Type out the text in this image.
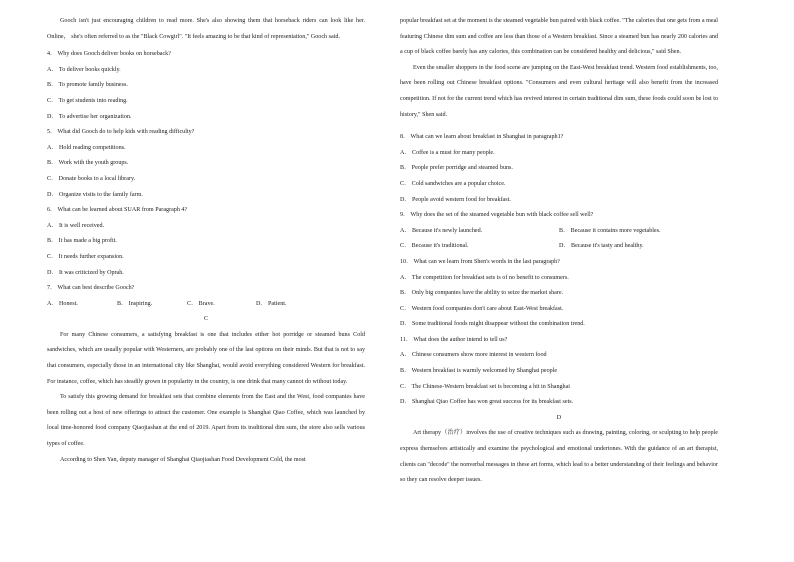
Gooch isn't just encouraging children to read more. She's also showing them that horseback riders can look like her. Online， she's often referred to as the "Black Cowgirl". "It feels amazing to be that kind of representation," Gooch said.
4． Why does Gooch deliver books on horseback?
A． To deliver books quickly.
B． To promote family business.
C． To get students into reading.
D． To advertise her organization.
5． What did Gooch do to help kids with reading difficulty?
A． Hold reading competitions.
B． Work with the youth groups.
C． Donate books to a local library.
D． Organize visits to the family farm.
6． What can be learned about SUAR from Paragraph 4?
A． It is well received.
B． It has made a big profit.
C． It needs further expansion.
D． It was criticized by Oprah.
7． What can best describe Gooch?
A． Honest.	B． Inspiring.	C． Brave.	D． Patient.
C
For many Chinese consumers, a satisfying breakfast is one that includes either hot porridge or steamed buns Cold sandwiches, which are usually popular with Westerners, are probably one of the last options on their minds. But that is not to say that consumers, especially those in an international city like Shanghai, would avoid everything considered Western for breakfast. For instance, coffee, which has steadily grown in popularity in the country, is one drink that many cannot do without today.
To satisfy this growing demand for breakfast sets that combine elements from the East and the West, food companies have been rolling out a host of new offerings to attract the customer. One example is Shanghai Qiao Coffee, which was launched by local time-honored food company Qiaojiashan at the end of 2019. Apart from its traditional dim sum, the store also sells various types of coffee.
According to Shen Yan, deputy manager of Shanghai Qiaojiashan Food Development Cold, the most
popular breakfast set at the moment is the steamed vegetable bun paired with black coffee. "The calories that one gets from a meal featuring Chinese dim sum and coffee are less than those of a Western breakfast. Since a steamed bun has nearly 200 calories and a cup of black coffee barely has any calories, this combination can be considered healthy and delicious," said Shen.
Even the smaller shoppers in the food scene are jumping on the East-West breakfast trend. Western food establishments, too, have been rolling out Chinese breakfast options. "Consumers and even cultural heritage will also benefit from the increased competition. If not for the current trend which has revived interest in certain traditional dim sum, these foods could soon be lost to history," Shen said.
8． What can we learn about breakfast in Shanghai in paragraph1?
A． Coffee is a must for many people.
B． People prefer porridge and steamed buns.
C． Cold sandwiches are a popular choice.
D． People avoid western food for breakfast.
9． Why does the set of the steamed vegetable bun with black coffee sell well?
A． Because it's newly launched.	B． Because it contains more vegetables.
C． Because it's traditional.	D． Because it's tasty and healthy.
10． What can we learn from Shen's words in the last paragraph?
A． The competition for breakfast sets is of no benefit to consumers.
B． Only big companies have the ability to seize the market share.
C． Western food companies don't care about East-West breakfast.
D． Some traditional foods might disappear without the combination trend.
11． What does the author intend to tell us?
A． Chinese consumers show more interest in western food
B． Western breakfast is warmly welcomed by Shanghai people
C． The Chinese-Western breakfast set is becoming a hit in Shanghai
D． Shanghai Qiao Coffee has won great success for its breakfast sets.
D
Art therapy（治疗）involves the use of creative techniques such as drawing, painting, coloring, or sculpting to help people express themselves artistically and examine the psychological and emotional undertones. With the guidance of an art therapist, clients can "decode" the nonverbal messages in these art forms, which lead to a better understanding of their feelings and behavior so they can resolve deeper issues.
